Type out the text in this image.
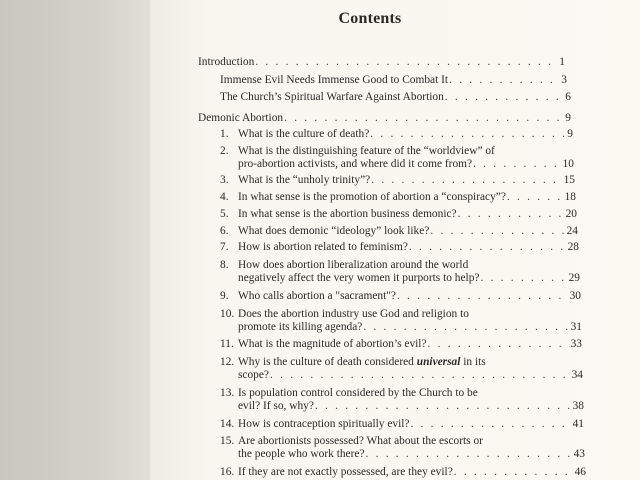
Contents
Introduction . . .	1
Immense Evil Needs Immense Good to Combat It . . .	3
The Church’s Spiritual Warfare Against Abortion . . .	6
Demonic Abortion . . .	9
1. What is the culture of death? . . .	9
2. What is the distinguishing feature of the “worldview” of
pro-abortion activists, and where did it come from? . . .	10
3. What is the “unholy trinity”? . . .	15
4. In what sense is the promotion of abortion a “conspiracy”? . . .	18
5. In what sense is the abortion business demonic? . . .	20
6. What does demonic “ideology” look like? . . .	24
7. How is abortion related to feminism? . . .	28
8. How does abortion liberalization around the world
negatively affect the very women it purports to help? . . .	29
9. Who calls abortion a "sacrament"? . . .	30
10. Does the abortion industry use God and religion to
promote its killing agenda? . . .	31
11. What is the magnitude of abortion’s evil? . . .	33
12. Why is the culture of death considered universal in its
scope? . . .	34
13. Is population control considered by the Church to be
evil? If so, why? . . .	38
14. How is contraception spiritually evil? . . .	41
15. Are abortionists possessed? What about the escorts or
the people who work there? . . .	43
16. If they are not exactly possessed, are they evil? . . .	46
